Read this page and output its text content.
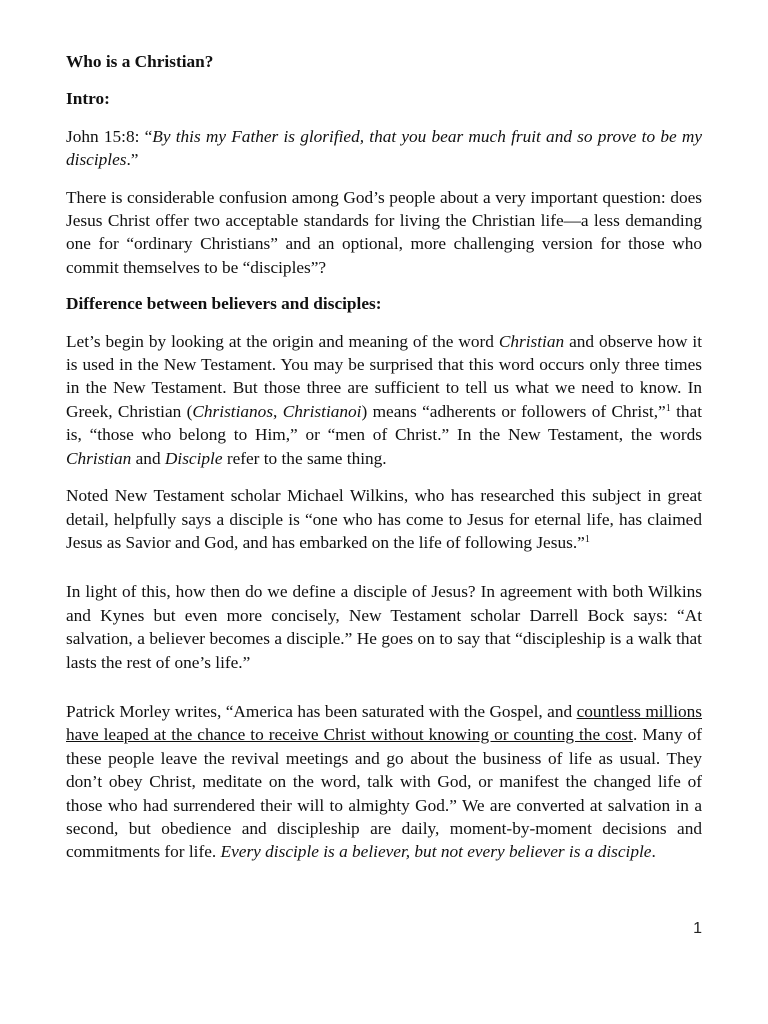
Who is a Christian?

Intro:

John 15:8: “By this my Father is glorified, that you bear much fruit and so prove to be my disciples.”

There is considerable confusion among God’s people about a very important question: does Jesus Christ offer two acceptable standards for living the Christian life—a less demanding one for “ordinary Christians” and an optional, more challenging version for those who commit themselves to be “disciples”?

Difference between believers and disciples:

Let’s begin by looking at the origin and meaning of the word Christian and observe how it is used in the New Testament. You may be surprised that this word occurs only three times in the New Testament. But those three are sufficient to tell us what we need to know. In Greek, Christian (Christianos, Christianoi) means “adherents or followers of Christ,”$^1$ that is, “those who belong to Him,” or “men of Christ.” In the New Testament, the words Christian and Disciple refer to the same thing.

Noted New Testament scholar Michael Wilkins, who has researched this subject in great detail, helpfully says a disciple is “one who has come to Jesus for eternal life, has claimed Jesus as Savior and God, and has embarked on the life of following Jesus.”$^1$

In light of this, how then do we define a disciple of Jesus? In agreement with both Wilkins and Kynes but even more concisely, New Testament scholar Darrell Bock says: “At salvation, a believer becomes a disciple.” He goes on to say that “discipleship is a walk that lasts the rest of one’s life.”

Patrick Morley writes, “America has been saturated with the Gospel, and countless millions have leaped at the chance to receive Christ without knowing or counting the cost. Many of these people leave the revival meetings and go about the business of life as usual. They don’t obey Christ, meditate on the word, talk with God, or manifest the changed life of those who had surrendered their will to almighty God.” We are converted at salvation in a second, but obedience and discipleship are daily, moment-by-moment decisions and commitments for life. Every disciple is a believer, but not every believer is a disciple.

1
